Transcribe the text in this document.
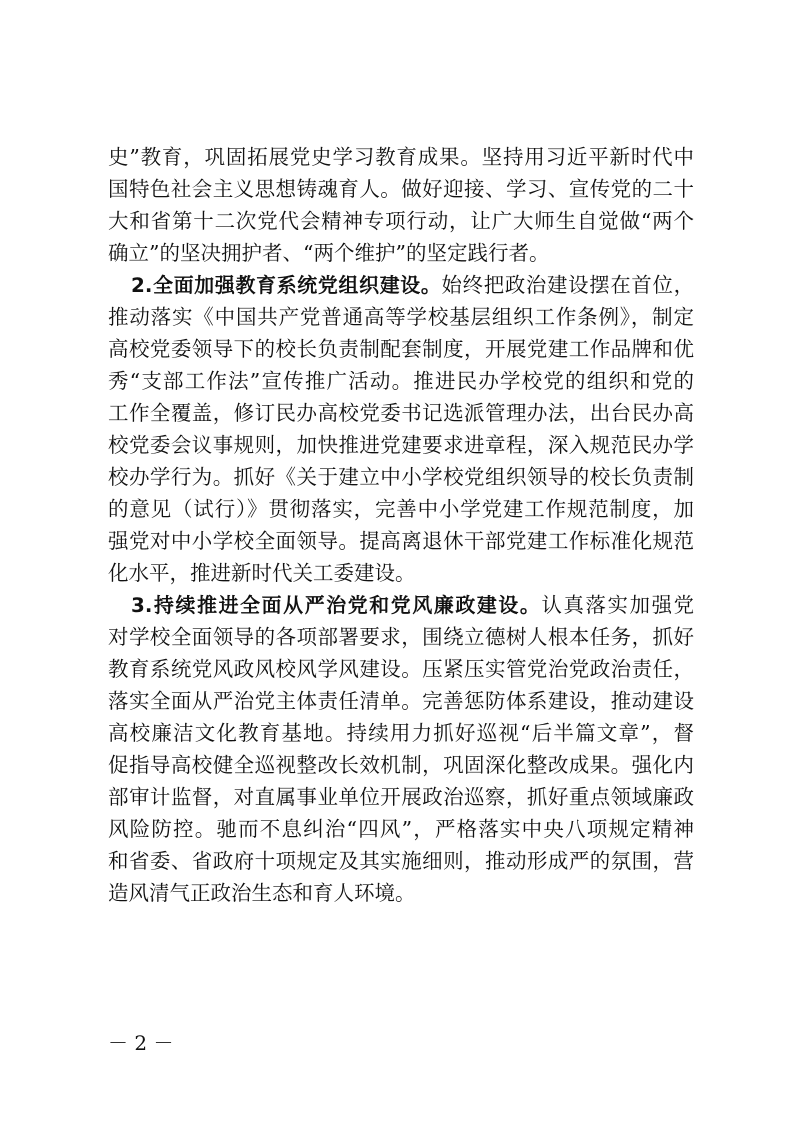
史”教育，巩固拓展党史学习教育成果。坚持用习近平新时代中
国特色社会主义思想铸魂育人。做好迎接、学习、宣传党的二十
大和省第十二次党代会精神专项行动，让广大师生自觉做“两个
确立”的坚决拥护者、“两个维护”的坚定践行者。
2.全面加强教育系统党组织建设。始终把政治建设摆在首位，
推动落实《中国共产党普通高等学校基层组织工作条例》，制定
高校党委领导下的校长负责制配套制度，开展党建工作品牌和优
秀“支部工作法”宣传推广活动。推进民办学校党的组织和党的
工作全覆盖，修订民办高校党委书记选派管理办法，出台民办高
校党委会议事规则，加快推进党建要求进章程，深入规范民办学
校办学行为。抓好《关于建立中小学校党组织领导的校长负责制
的意见（试行）》贯彻落实，完善中小学党建工作规范制度，加
强党对中小学校全面领导。提高离退休干部党建工作标准化规范
化水平，推进新时代关工委建设。
3.持续推进全面从严治党和党风廉政建设。认真落实加强党
对学校全面领导的各项部署要求，围绕立德树人根本任务，抓好
教育系统党风政风校风学风建设。压紧压实管党治党政治责任，
落实全面从严治党主体责任清单。完善惩防体系建设，推动建设
高校廉洁文化教育基地。持续用力抓好巡视“后半篇文章”，督
促指导高校健全巡视整改长效机制，巩固深化整改成果。强化内
部审计监督，对直属事业单位开展政治巡察，抓好重点领域廉政
风险防控。驰而不息纠治“四风”，严格落实中央八项规定精神
和省委、省政府十项规定及其实施细则，推动形成严的氛围，营
造风清气正政治生态和育人环境。
－ 2 －
